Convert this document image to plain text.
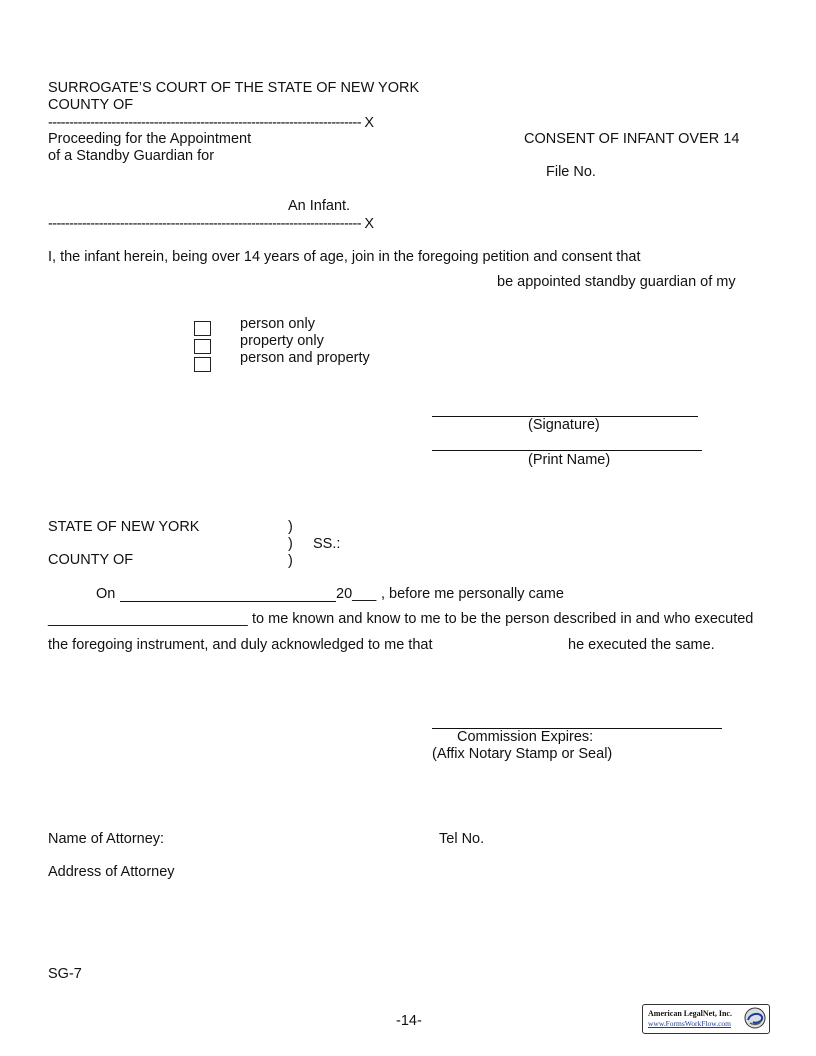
SURROGATE’S COURT OF THE STATE OF NEW YORK
COUNTY OF
-------------------------------------------------------------------------- X
Proceeding for the Appointment
of a Standby Guardian for
CONSENT OF INFANT OVER 14
File No.
An Infant.
-------------------------------------------------------------------------- X
I, the infant herein, being over 14 years of age, join in the foregoing petition and consent that
be appointed standby guardian of my
person only
property only
person and property
(Signature)
(Print Name)
STATE OF NEW YORK	)
) SS.:
COUNTY OF	)
On	20___ , before me personally came
__________________________ to me known and know to me to be the person described in and who executed
the foregoing instrument, and duly acknowledged to me that	he executed the same.
Commission Expires:
(Affix Notary Stamp or Seal)
Name of Attorney:	Tel No.
Address of Attorney
SG-7
-14-	American LegalNet, Inc.
www.FormsWorkFlow.com
